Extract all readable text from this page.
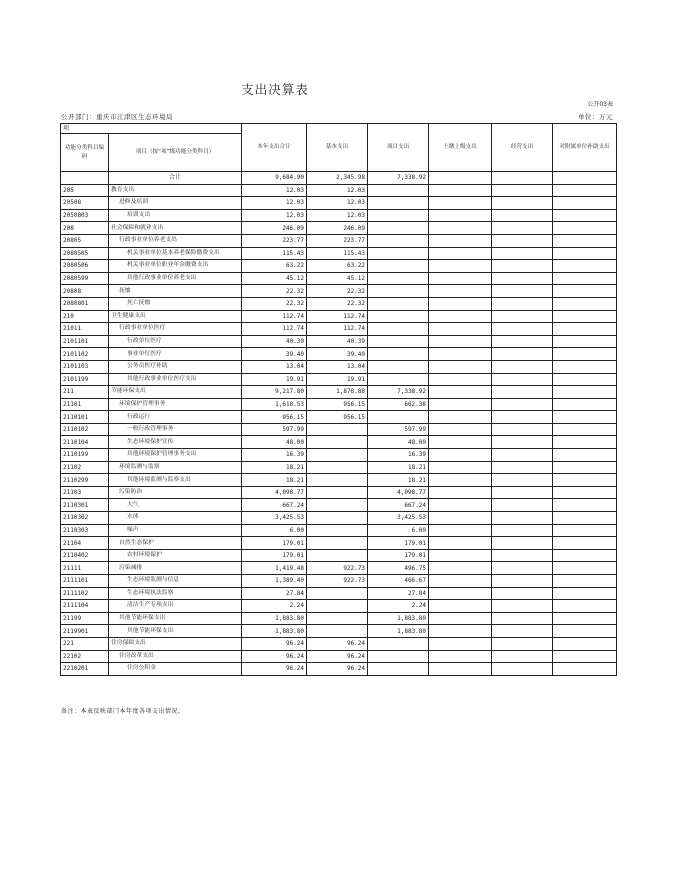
支出决算表
公开03表
公开部门：重庆市江津区生态环境局	单位：万元
项		本年支出合计	基本支出	项目支出	上缴上级支出	经营支出	对附属单位补助支出
功能分类科目编码	项目（按“项”级功能分类科目）						
	合计	9,684.90	2,345.98	7,338.92			
205	教育支出	12.03	12.03				
20508	进修及培训	12.03	12.03				
2050803	培训支出	12.03	12.03				
208	社会保障和就业支出	246.09	246.09				
20805	行政事业单位养老支出	223.77	223.77				
2080505	机关事业单位基本养老保险缴费支出	115.43	115.43				
2080506	机关事业单位职业年金缴费支出	63.22	63.22				
2080599	其他行政事业单位养老支出	45.12	45.12				
20808	抚恤	22.32	22.32				
2080801	死亡抚恤	22.32	22.32				
210	卫生健康支出	112.74	112.74				
21011	行政事业单位医疗	112.74	112.74				
2101101	行政单位医疗	40.39	40.39				
2101102	事业单位医疗	39.40	39.40				
2101103	公务员医疗补助	13.04	13.04				
2101199	其他行政事业单位医疗支出	19.91	19.91				
211	节能环保支出	9,217.80	1,878.88	7,338.92			
21101	环境保护管理事务	1,618.53	956.15	662.38			
2110101	行政运行	956.15	956.15				
2110102	一般行政管理事务	597.99		597.99			
2110104	生态环境保护宣传	48.00		48.00			
2110199	其他环境保护管理事务支出	16.39		16.39			
21102	环境监测与监察	18.21		18.21			
2110299	其他环境监测与监察支出	18.21		18.21			
21103	污染防治	4,098.77		4,098.77			
2110301	大气	667.24		667.24			
2110302	水体	3,425.53		3,425.53			
2110303	噪声	6.00		6.00			
21104	自然生态保护	179.01		179.01			
2110402	农村环境保护	179.01		179.01			
21111	污染减排	1,419.48	922.73	496.75			
2111101	生态环境监测与信息	1,389.40	922.73	466.67			
2111102	生态环境执法监察	27.84		27.84			
2111104	清洁生产专项支出	2.24		2.24			
21199	其他节能环保支出	1,883.80		1,883.80			
2119901	其他节能环保支出	1,883.80		1,883.80			
221	住房保障支出	96.24	96.24				
22102	住房改革支出	96.24	96.24				
2210201	住房公积金	96.24	96.24				
备注：本表反映部门本年度各项支出情况。
